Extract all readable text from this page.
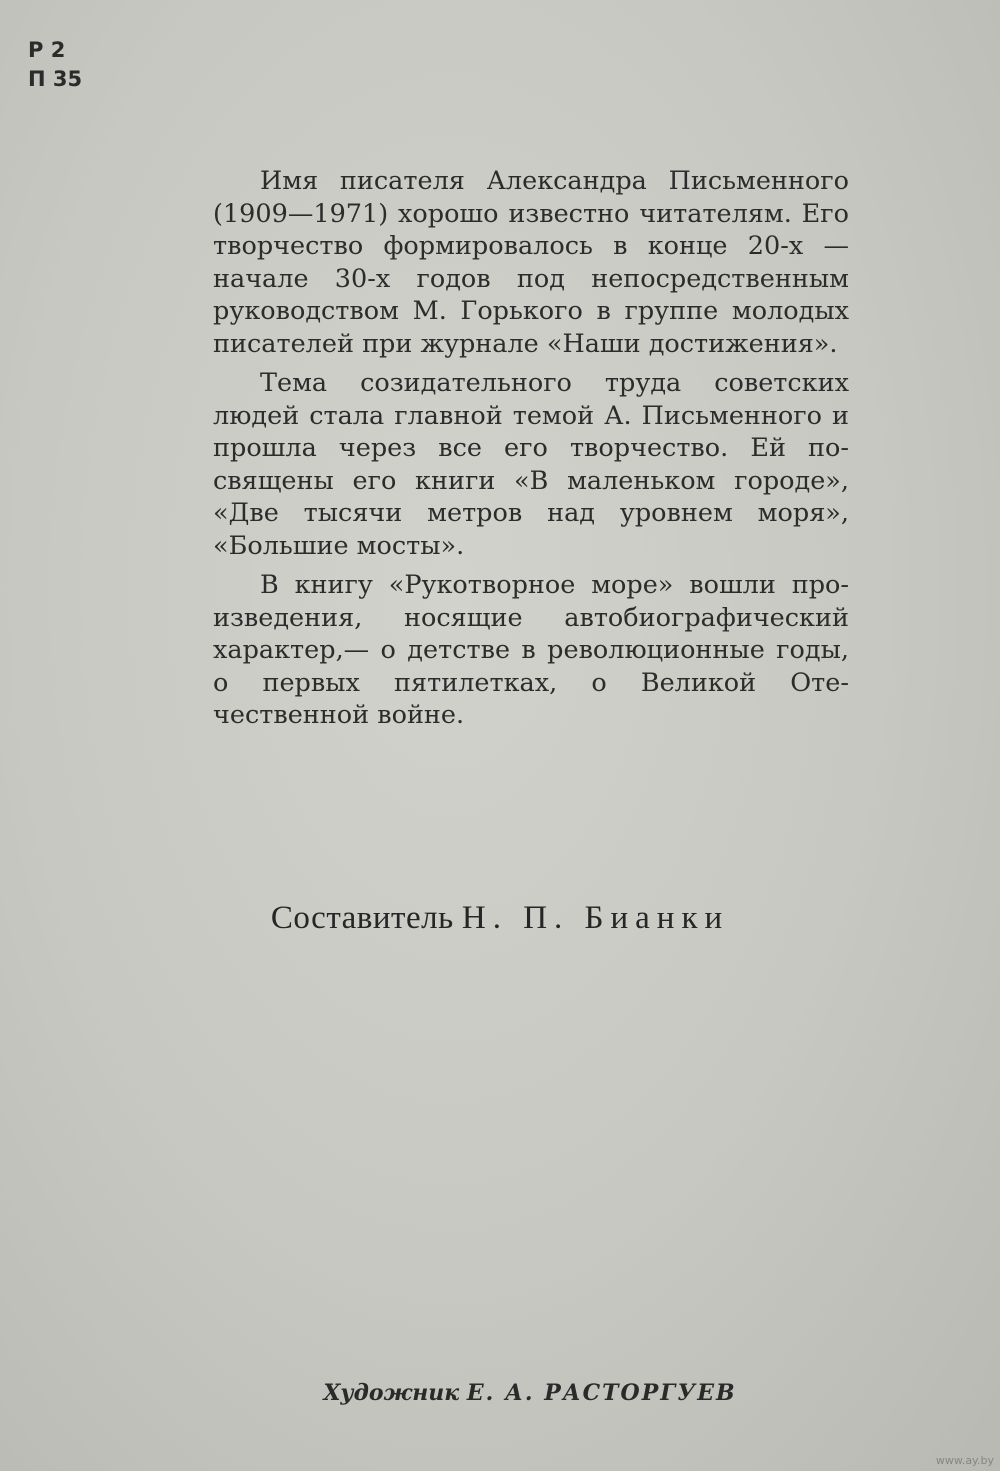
Р 2
П 35

Имя писателя Александра Письменного (1909—1971) хорошо известно читателям. Его творчество формировалось в конце 20-х — начале 30-х годов под непосредственным руководством М. Горького в группе молодых писателей при журнале «Наши достижения».

Тема созидательного труда советских людей стала главной темой А. Письменного и прошла через все его творчество. Ей посвящены его книги «В маленьком городе», «Две тысячи метров над уровнем моря», «Большие мосты».

В книгу «Рукотворное море» вошли произведения, носящие автобиографический характер,— о детстве в революционные годы, о первых пятилетках, о Великой Отечественной войне.

Составитель Н. П. Бианки
Художник Е. А. РАСТОРГУЕВ
www.ay.by
